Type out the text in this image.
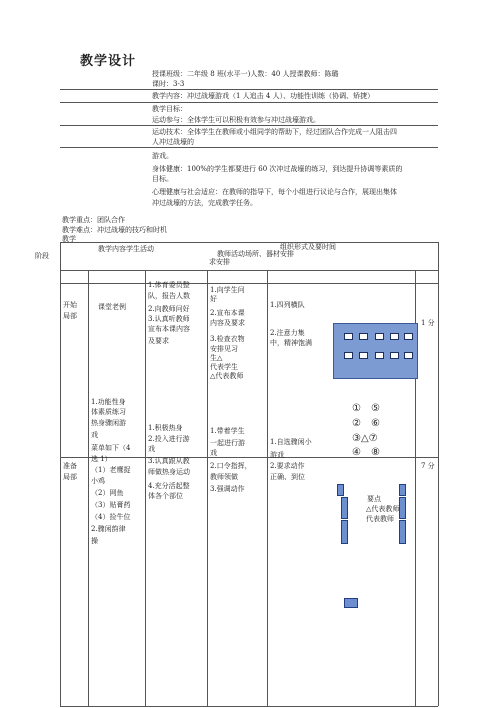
教学设计
授课班级：二年级 8 班(水平一)人数：40 人授课教师：陈璐
课时：3-3
教学内容：冲过战壕游戏（1 人追击 4 人）、功能性训练（协调、矫捷）
教学目标：
运动参与：全体学生可以积极有效参与冲过战壕游戏。
运动技术：全体学生在教师或小组同学的帮助下，经过团队合作完成一人阻击四
人冲过战壕的
游戏。
身体健康：100%的学生都要进行 60 次冲过战壕的练习，到达提升协调等素质的
目标。
心理健康与社会适应：在教师的指导下，每个小组进行议论与合作，展现出集体
冲过战壕的方法，完成教学任务。
教学重点：团队合作
教学难点：冲过战壕的技巧和时机
教学
阶段
教学内容学生活动
教师活动场所、器材安排
组织形式及要时间
求安排
开始
局部
课堂老例
1.体育委员整
队，报告人数
2.向教师问好
3.认真听教师
宣布本课内容
及要求
1.向学生问
好
2.宣布本课
内容及要求
3.检查衣物
安排见习
生△
代表学生
△代表教师
1.四列横队
2.注意力集
中，精神饱满
1 分
准备
局部
1.功能性身
体素质练习
热身骤闲游
戏
菜单如下（4
选 1）
（1）老鹰捉
小鸡
（2）网鱼
（3）贴膏药
（4）捡牛位
2.骤闲韵律
操
1.积极热身
2.投入进行游
戏
3.认真跟从教
师做热身运动
4.充分活起整
体各个部位
1.带着学生
一起进行游
戏
2.口令指挥，
教师领做
3.强调动作
1.自选骤闲小
游戏
2.要求动作
正确、到位
7 分
①　⑤
②　⑥
③△⑦
④　⑧
要点
△代表教师
代表教师
